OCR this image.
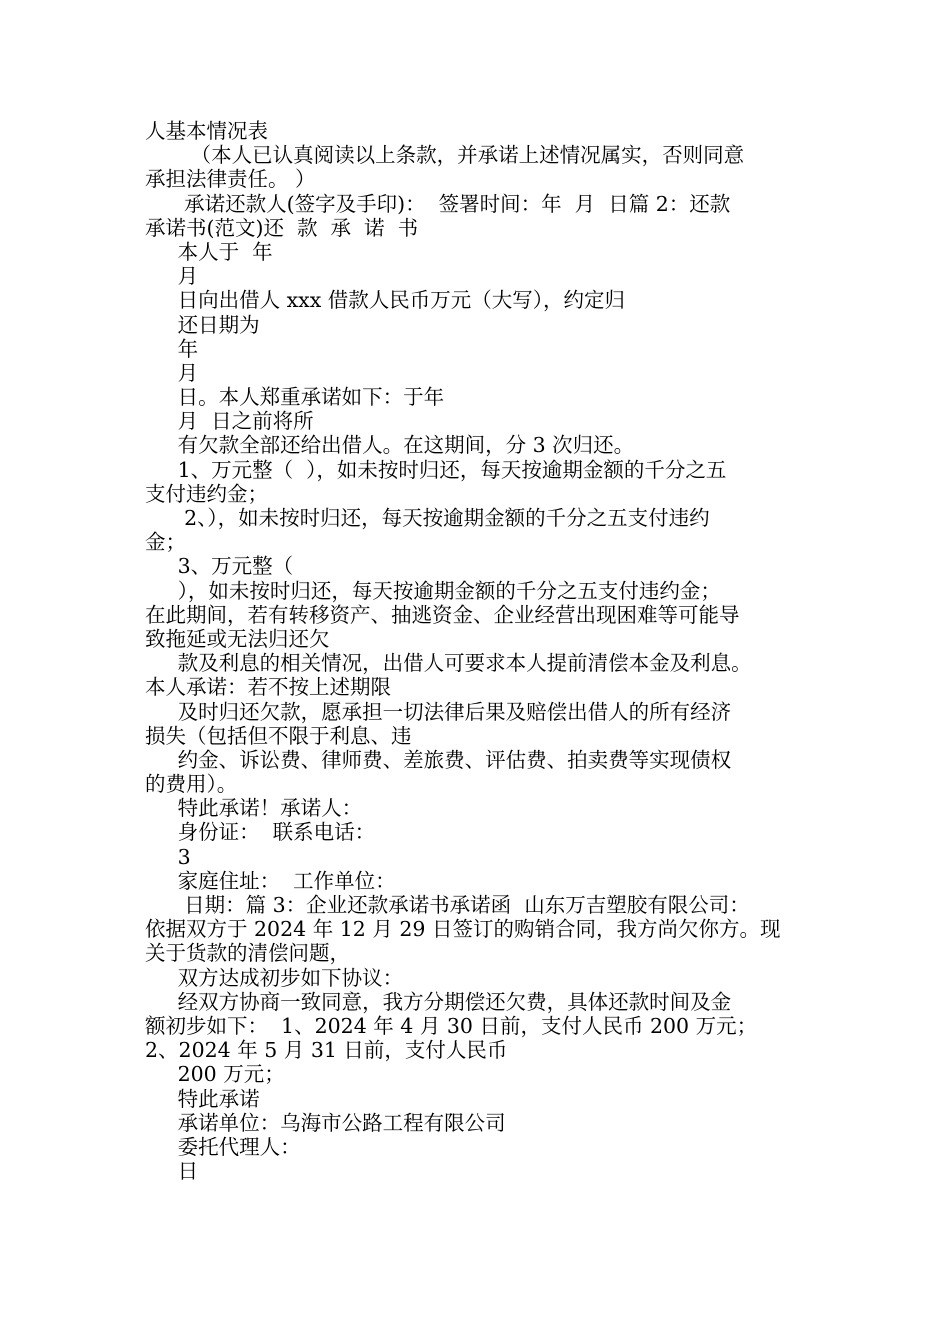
人基本情况表
（本人已认真阅读以上条款，并承诺上述情况属实，否则同意
承担法律责任。 ）
承诺还款人(签字及手印)：  签署时间：年  月  日篇 2：还款
承诺书(范文)还  款  承  诺  书
本人于  年
月
日向出借人 xxx 借款人民币万元（大写），约定归
还日期为
年
月
日。本人郑重承诺如下：于年
月  日之前将所
有欠款全部还给出借人。在这期间，分 3 次归还。
1、万元整（  ），如未按时归还，每天按逾期金额的千分之五
支付违约金；
2、），如未按时归还，每天按逾期金额的千分之五支付违约
金；
3、万元整（
），如未按时归还，每天按逾期金额的千分之五支付违约金；
在此期间，若有转移资产、抽逃资金、企业经营出现困难等可能导
致拖延或无法归还欠
款及利息的相关情况，出借人可要求本人提前清偿本金及利息。
本人承诺：若不按上述期限
及时归还欠款，愿承担一切法律后果及赔偿出借人的所有经济
损失（包括但不限于利息、违
约金、诉讼费、律师费、差旅费、评估费、拍卖费等实现债权
的费用）。
特此承诺！承诺人：
身份证：  联系电话：
3
家庭住址：  工作单位：
日期：篇 3：企业还款承诺书承诺函  山东万吉塑胶有限公司：
依据双方于 2024 年 12 月 29 日签订的购销合同，我方尚欠你方。现
关于货款的清偿问题，
双方达成初步如下协议：
经双方协商一致同意，我方分期偿还欠费，具体还款时间及金
额初步如下：  1、2024 年 4 月 30 日前，支付人民币 200 万元；
2、2024 年 5 月 31 日前，支付人民币
200 万元；
特此承诺
承诺单位：乌海市公路工程有限公司
委托代理人：
日
